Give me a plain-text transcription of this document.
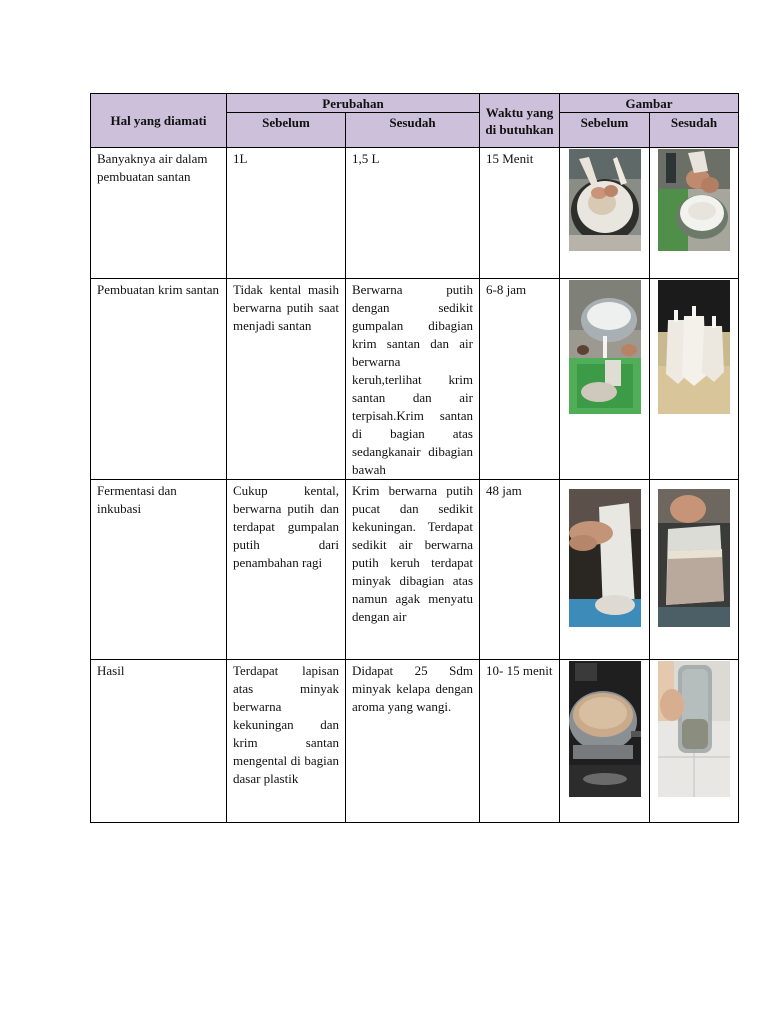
Hal yang diamati	Perubahan		Waktu yang di butuhkan	Gambar	
	Sebelum	Sesudah		Sebelum	Sesudah

Banyaknya air dalam pembuatan santan	1L	1,5 L	15 Menit

Pembuatan krim santan	Tidak kental masih berwarna putih saat menjadi santan	Berwarna putih dengan sedikit gumpalan dibagian krim santan dan air berwarna keruh,terlihat krim santan dan air terpisah.Krim santan di bagian atas sedangkanair dibagian bawah	6-8 jam

Fermentasi dan inkubasi	Cukup kental, berwarna putih dan terdapat gumpalan putih dari penambahan ragi	Krim berwarna putih pucat dan sedikit kekuningan. Terdapat sedikit air berwarna putih keruh terdapat minyak dibagian atas namun agak menyatu dengan air	48 jam

Hasil	Terdapat lapisan atas minyak berwarna kekuningan dan krim santan mengental di bagian dasar plastik	Didapat 25 Sdm minyak kelapa dengan aroma yang wangi.	10- 15 menit
